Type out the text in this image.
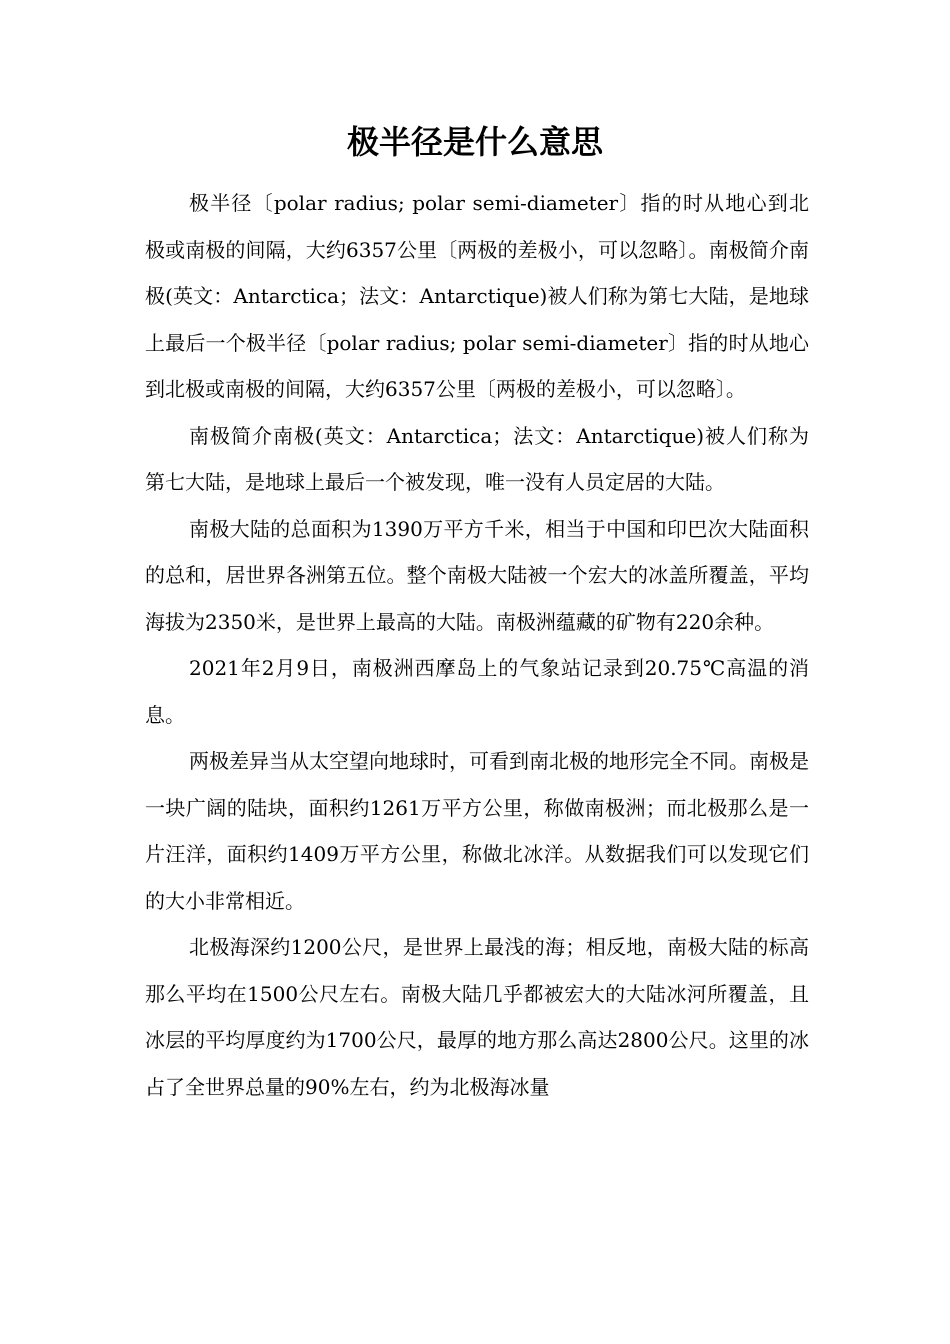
极半径是什么意思

极半径〔polar radius; polar semi-diameter〕指的时从地心到北极或南极的间隔，大约6357公里〔两极的差极小，可以忽略〕。南极简介南极(英文：Antarctica；法文：Antarctique)被人们称为第七大陆，是地球上最后一个极半径〔polar radius; polar semi-diameter〕指的时从地心到北极或南极的间隔，大约6357公里〔两极的差极小，可以忽略〕。

南极简介南极(英文：Antarctica；法文：Antarctique)被人们称为第七大陆，是地球上最后一个被发现，唯一没有人员定居的大陆。

南极大陆的总面积为1390万平方千米，相当于中国和印巴次大陆面积的总和，居世界各洲第五位。整个南极大陆被一个宏大的冰盖所覆盖，平均海拔为2350米，是世界上最高的大陆。南极洲蕴藏的矿物有220余种。

2021年2月9日，南极洲西摩岛上的气象站记录到20.75℃高温的消息。

两极差异当从太空望向地球时，可看到南北极的地形完全不同。南极是一块广阔的陆块，面积约1261万平方公里，称做南极洲；而北极那么是一片汪洋，面积约1409万平方公里，称做北冰洋。从数据我们可以发现它们的大小非常相近。

北极海深约1200公尺，是世界上最浅的海；相反地，南极大陆的标高那么平均在1500公尺左右。南极大陆几乎都被宏大的大陆冰河所覆盖，且冰层的平均厚度约为1700公尺，最厚的地方那么高达2800公尺。这里的冰占了全世界总量的90%左右，约为北极海冰量
